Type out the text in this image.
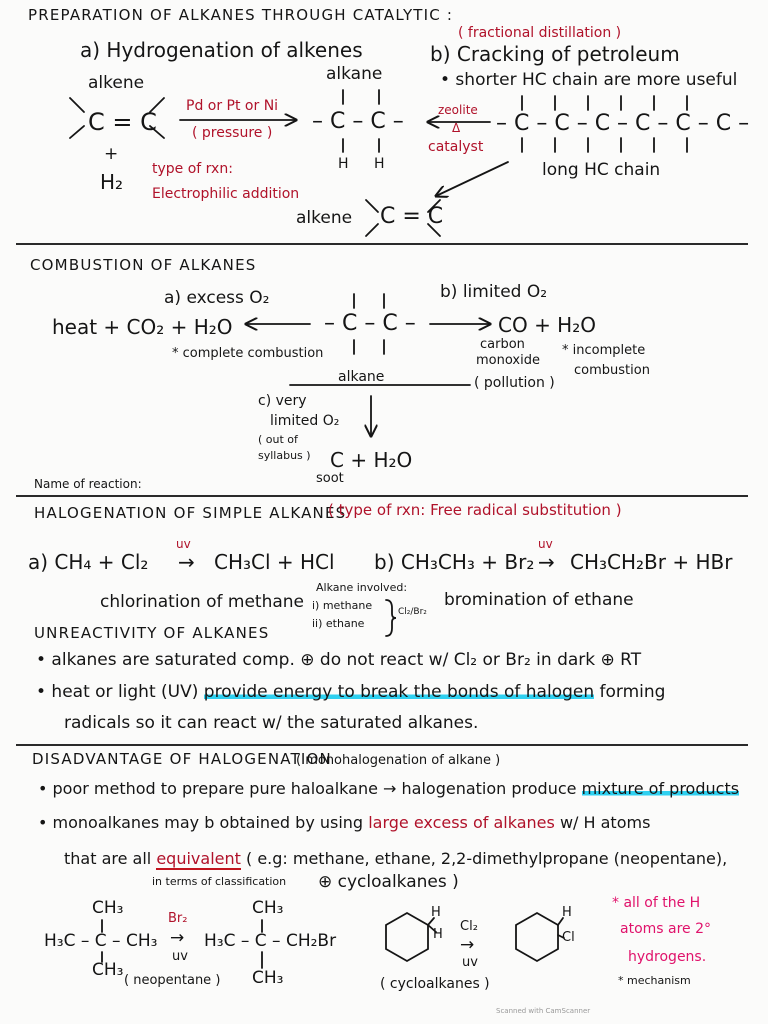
PREPARATION OF ALKANES THROUGH CATALYTIC :
a) Hydrogenation of alkenes
alkene
C = C
+
H₂
Pd or Pt or Ni
( pressure )
type of rxn:
Electrophilic addition
alkane
– C – C –
H H
( fractional distillation )
b) Cracking of petroleum
• shorter HC chain are more useful
zeolite
Δ
catalyst
– C – C – C – C – C – C –
long HC chain
alkene C = C
COMBUSTION OF ALKANES
a) excess O₂
heat + CO₂ + H₂O
* complete combustion
– C – C –
alkane
b) limited O₂
CO + H₂O
carbon
monoxide
( pollution )
* incomplete
combustion
c) very
limited O₂
( out of
syllabus ) C + H₂O
soot
Name of reaction:
HALOGENATION OF SIMPLE ALKANES
( type of rxn: Free radical substitution )
uv
a) CH₄ + Cl₂ → CH₃Cl + HCl
uv
b) CH₃CH₃ + Br₂ → CH₃CH₂Br + HBr
chlorination of methane
Alkane involved:
i) methane
ii) ethane
Cl₂/Br₂
bromination of ethane
UNREACTIVITY OF ALKANES
• alkanes are saturated comp. ⊕ do not react w/ Cl₂ or Br₂ in dark ⊕ RT
• heat or light (UV) provide energy to break the bonds of halogen forming
radicals so it can react w/ the saturated alkanes.
DISADVANTAGE OF HALOGENATION
( monohalogenation of alkane )
• poor method to prepare pure haloalkane → halogenation produce mixture of products
• monoalkanes may b obtained by using large excess of alkanes w/ H atoms
that are all equivalent ( e.g: methane, ethane, 2,2-dimethylpropane (neopentane),
in terms of classification ⊕ cycloalkanes )
CH₃
H₃C – C – CH₃
CH₃
( neopentane )
Br₂
→
uv
CH₃
H₃C – C – CH₂Br
CH₃
H
H
Cl₂
→
uv
H
Cl
( cycloalkanes )
* all of the H
atoms are 2°
hydrogens.
* mechanism
Scanned with CamScanner
